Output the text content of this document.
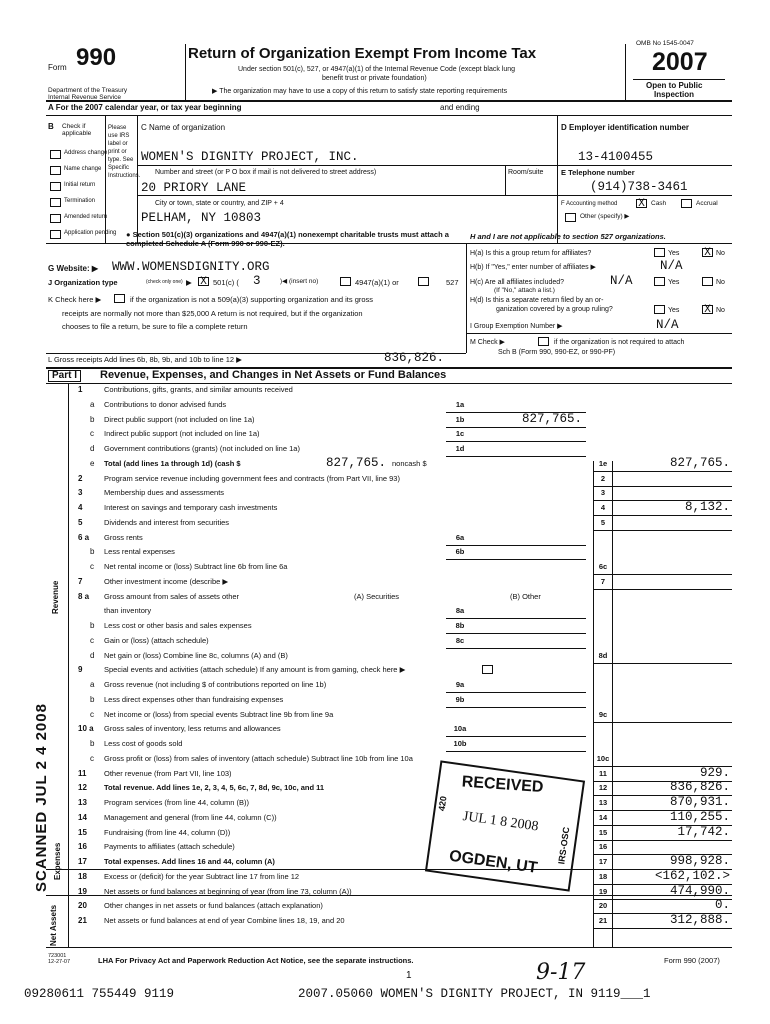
Form 990
Department of the Treasury
Internal Revenue Service
Return of Organization Exempt From Income Tax
Under section 501(c), 527, or 4947(a)(1) of the Internal Revenue Code (except black lung
benefit trust or private foundation)
▶ The organization may have to use a copy of this return to satisfy state reporting requirements
OMB No 1545-0047
2007
Open to Public
Inspection
A For the 2007 calendar year, or tax year beginning	and ending
B Check if
applicable
Please use IRS label or print or type. See Specific Instructions.
Address change
Name change
Initial return
Termination
Amended return
Application pending
C Name of organization
WOMEN'S DIGNITY PROJECT, INC.
Number and street (or P O box if mail is not delivered to street address)	Room/suite
20 PRIORY LANE
City or town, state or country, and ZIP + 4
PELHAM, NY 10803
D Employer identification number
13-4100455
E Telephone number
(914)738-3461
F Accounting method X Cash	Accrual
Other (specify) ▶
● Section 501(c)(3) organizations and 4947(a)(1) nonexempt charitable trusts must attach a completed Schedule A (Form 990 or 990-EZ).
H and I are not applicable to section 527 organizations.
H(a) Is this a group return for affiliates?	Yes X No
H(b) If "Yes," enter number of affiliates ▶	N/A
H(c) Are all affiliates included?	N/A	Yes	No
(If "No," attach a list.)
H(d) Is this a separate return filed by an or-
ganization covered by a group ruling?	Yes X No
I Group Exemption Number ▶	N/A
M Check ▶	if the organization is not required to attach
Sch B (Form 990, 990-EZ, or 990-PF)
G Website: ▶ WWW.WOMENSDIGNITY.ORG
J Organization type	(check only one) ▶ X 501(c) ( 3	)◀ (insert no)	4947(a)(1) or	527
K Check here ▶	if the organization is not a 509(a)(3) supporting organization and its gross
receipts are normally not more than $25,000 A return is not required, but if the organization
chooses to file a return, be sure to file a complete return
L Gross receipts Add lines 6b, 8b, 9b, and 10b to line 12 ▶	836,826.
Part I	Revenue, Expenses, and Changes in Net Assets or Fund Balances
Revenue
Expenses
Net Assets
1	Contributions, gifts, grants, and similar amounts received
a Contributions to donor advised funds	1a
b Direct public support (not included on line 1a)	1b	827,765.
c Indirect public support (not included on line 1a)	1c
d Government contributions (grants) (not included on line 1a)	1d
e Total (add lines 1a through 1d) (cash $	827,765. noncash $	1e	827,765.
2	Program service revenue including government fees and contracts (from Part VII, line 93)	2
3	Membership dues and assessments	3
4	Interest on savings and temporary cash investments	4	8,132.
5	Dividends and interest from securities	5
6 a Gross rents	6a
b Less rental expenses	6b
c Net rental income or (loss) Subtract line 6b from line 6a	6c
7	Other investment income (describe ▶	7
8 a Gross amount from sales of assets other	(A) Securities	(B) Other
than inventory	8a
b Less cost or other basis and sales expenses	8b
c Gain or (loss) (attach schedule)	8c
d Net gain or (loss) Combine line 8c, columns (A) and (B)	8d
9	Special events and activities (attach schedule) If any amount is from gaming, check here ▶
a Gross revenue (not including $ of contributions reported on line 1b)	9a
b Less direct expenses other than fundraising expenses	9b
c Net income or (loss) from special events Subtract line 9b from line 9a	9c
10 a Gross sales of inventory, less returns and allowances	10a
b Less cost of goods sold	10b
c Gross profit or (loss) from sales of inventory (attach schedule) Subtract line 10b from line 10a	10c
11 Other revenue (from Part VII, line 103)	11	929.
12 Total revenue. Add lines 1e, 2, 3, 4, 5, 6c, 7, 8d, 9c, 10c, and 11	12	836,826.
13 Program services (from line 44, column (B))	13	870,931.
14 Management and general (from line 44, column (C))	14	110,255.
15 Fundraising (from line 44, column (D))	15	17,742.
16 Payments to affiliates (attach schedule)	16
17 Total expenses. Add lines 16 and 44, column (A)	17	998,928.
18 Excess or (deficit) for the year Subtract line 17 from line 12	18	<162,102.>
19 Net assets or fund balances at beginning of year (from line 73, column (A))	19	474,990.
20 Other changes in net assets or fund balances (attach explanation)	20	0.
21 Net assets or fund balances at end of year Combine lines 18, 19, and 20	21	312,888.
SCANNED JUL 2 4 2008	RECEIVED
JUL 1 8 2008
OGDEN, UT
420
IRS-OSC
723001 12-27-07	LHA For Privacy Act and Paperwork Reduction Act Notice, see the separate instructions.	Form 990 (2007)
1	9-17
09280611 755449 9119	2007.05060 WOMEN'S DIGNITY PROJECT, IN 9119___1
